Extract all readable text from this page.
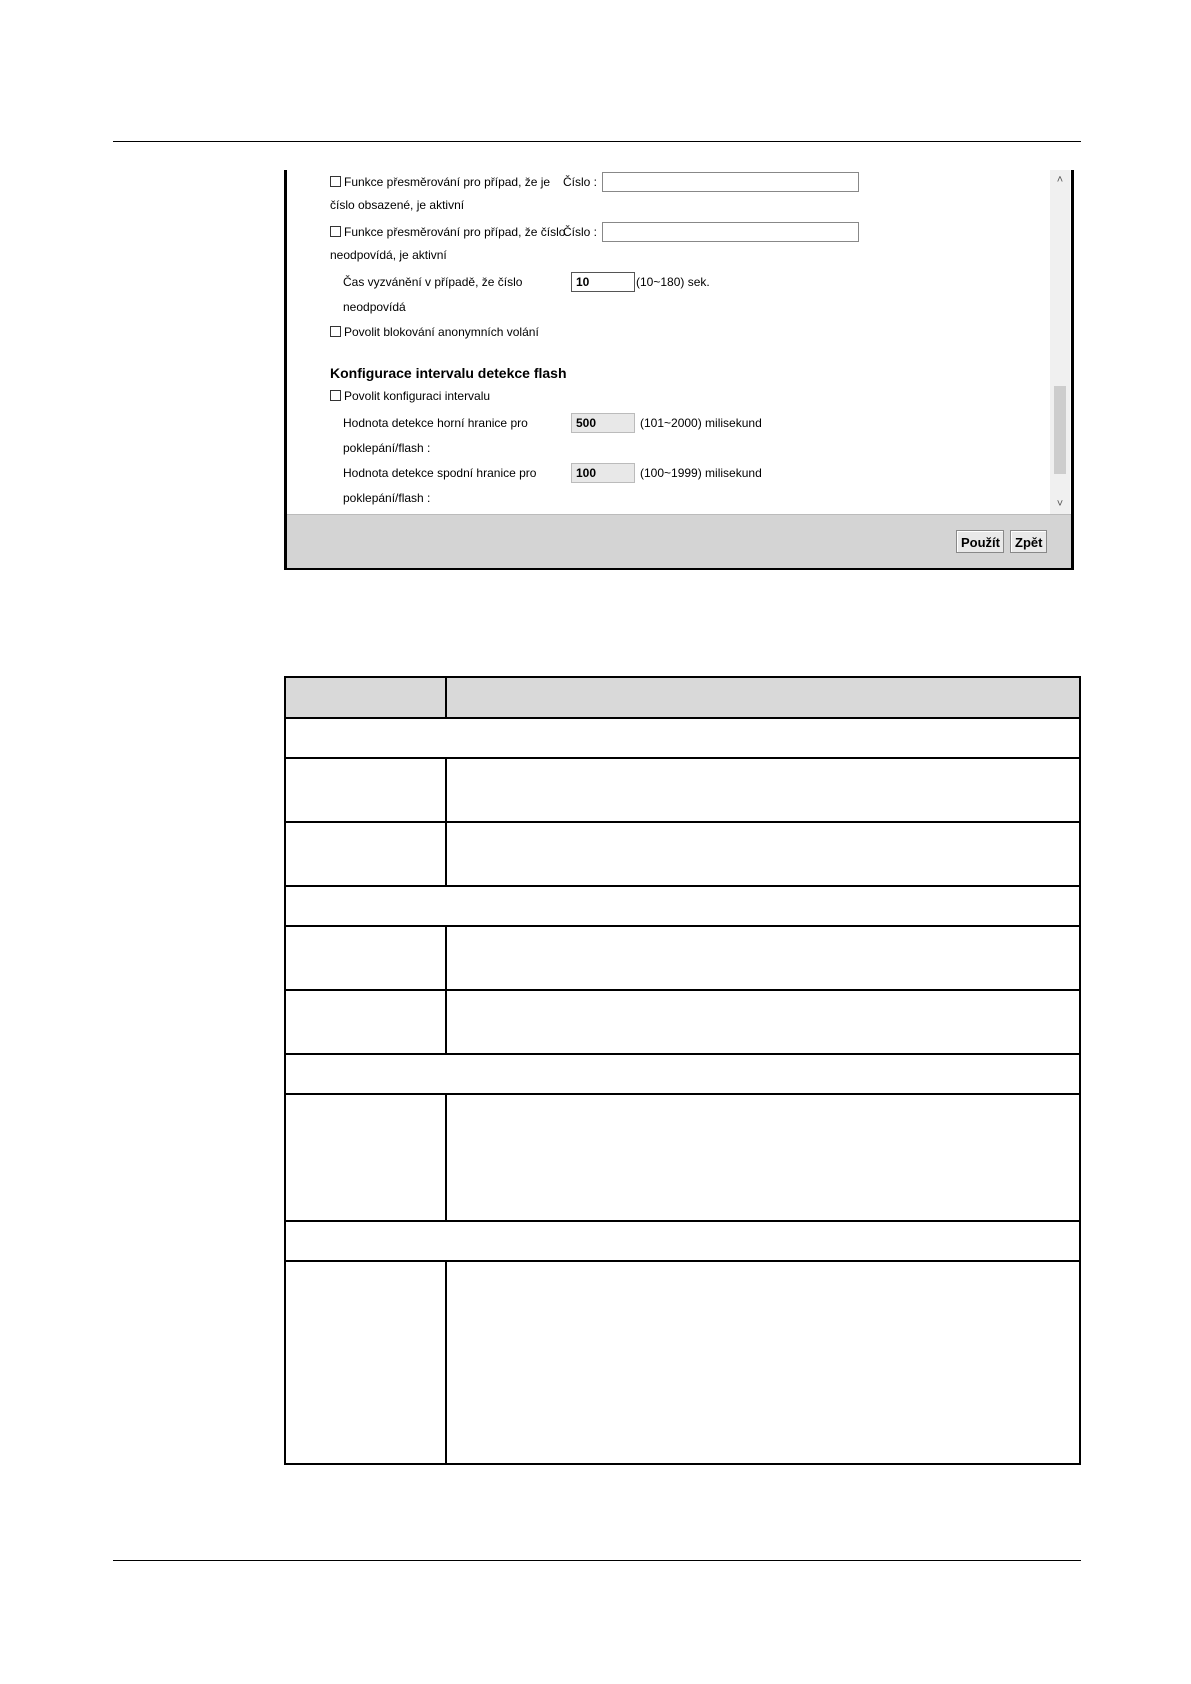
Funkce přesměrování pro případ, že je
číslo obsazené, je aktivní
Číslo :
Funkce přesměrování pro případ, že číslo
neodpovídá, je aktivní
Číslo :
Čas vyzvánění v případě, že číslo
neodpovídá
10	(10~180) sek.
Povolit blokování anonymních volání
Konfigurace intervalu detekce flash
Povolit konfiguraci intervalu
Hodnota detekce horní hranice pro
poklepání/flash :
500	(101~2000) milisekund
Hodnota detekce spodní hranice pro
poklepání/flash :
100	(100~1999) milisekund
˄
˅
Použít	Zpět
